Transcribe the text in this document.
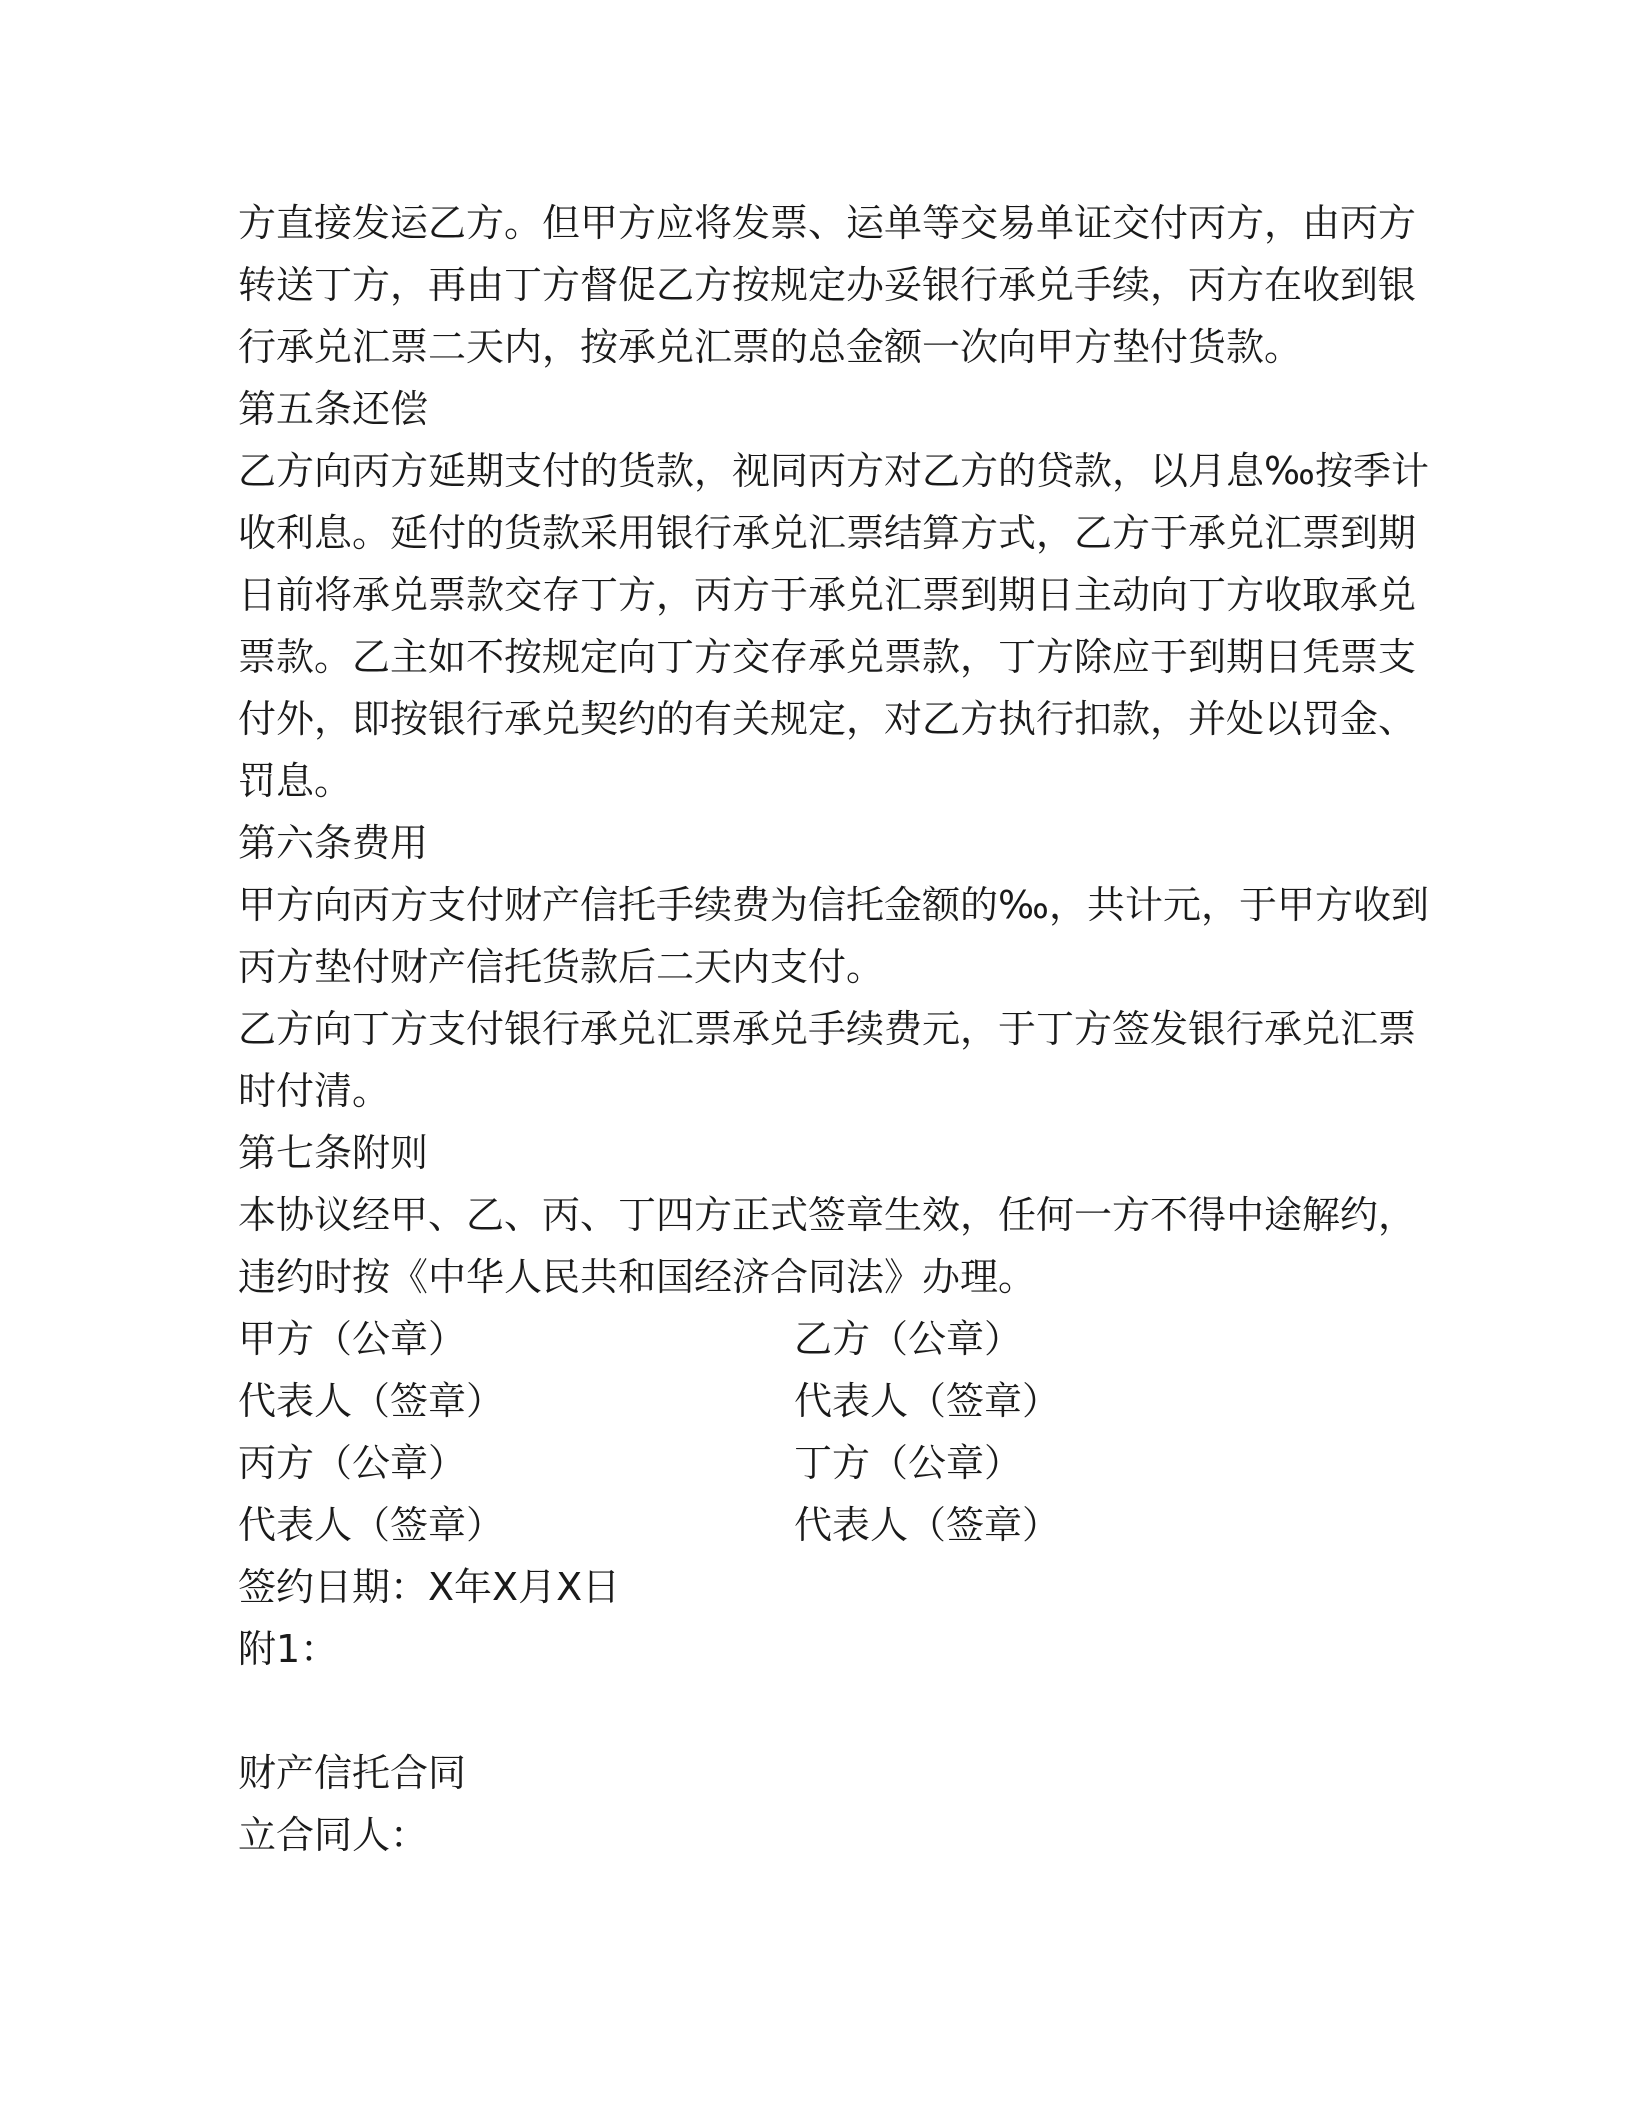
方直接发运乙方。但甲方应将发票、运单等交易单证交付丙方，由丙方
转送丁方，再由丁方督促乙方按规定办妥银行承兑手续，丙方在收到银
行承兑汇票二天内，按承兑汇票的总金额一次向甲方垫付货款。
第五条还偿
乙方向丙方延期支付的货款，视同丙方对乙方的贷款，以月息‰按季计
收利息。延付的货款采用银行承兑汇票结算方式，乙方于承兑汇票到期
日前将承兑票款交存丁方，丙方于承兑汇票到期日主动向丁方收取承兑
票款。乙主如不按规定向丁方交存承兑票款，丁方除应于到期日凭票支
付外，即按银行承兑契约的有关规定，对乙方执行扣款，并处以罚金、
罚息。
第六条费用
甲方向丙方支付财产信托手续费为信托金额的‰，共计元，于甲方收到
丙方垫付财产信托货款后二天内支付。
乙方向丁方支付银行承兑汇票承兑手续费元，于丁方签发银行承兑汇票
时付清。
第七条附则
本协议经甲、乙、丙、丁四方正式签章生效，任何一方不得中途解约，
违约时按《中华人民共和国经济合同法》办理。
甲方（公章）	乙方（公章）
代表人（签章）	代表人（签章）
丙方（公章）	丁方（公章）
代表人（签章）	代表人（签章）
签约日期：X年X月X日
附1：
财产信托合同
立合同人：
